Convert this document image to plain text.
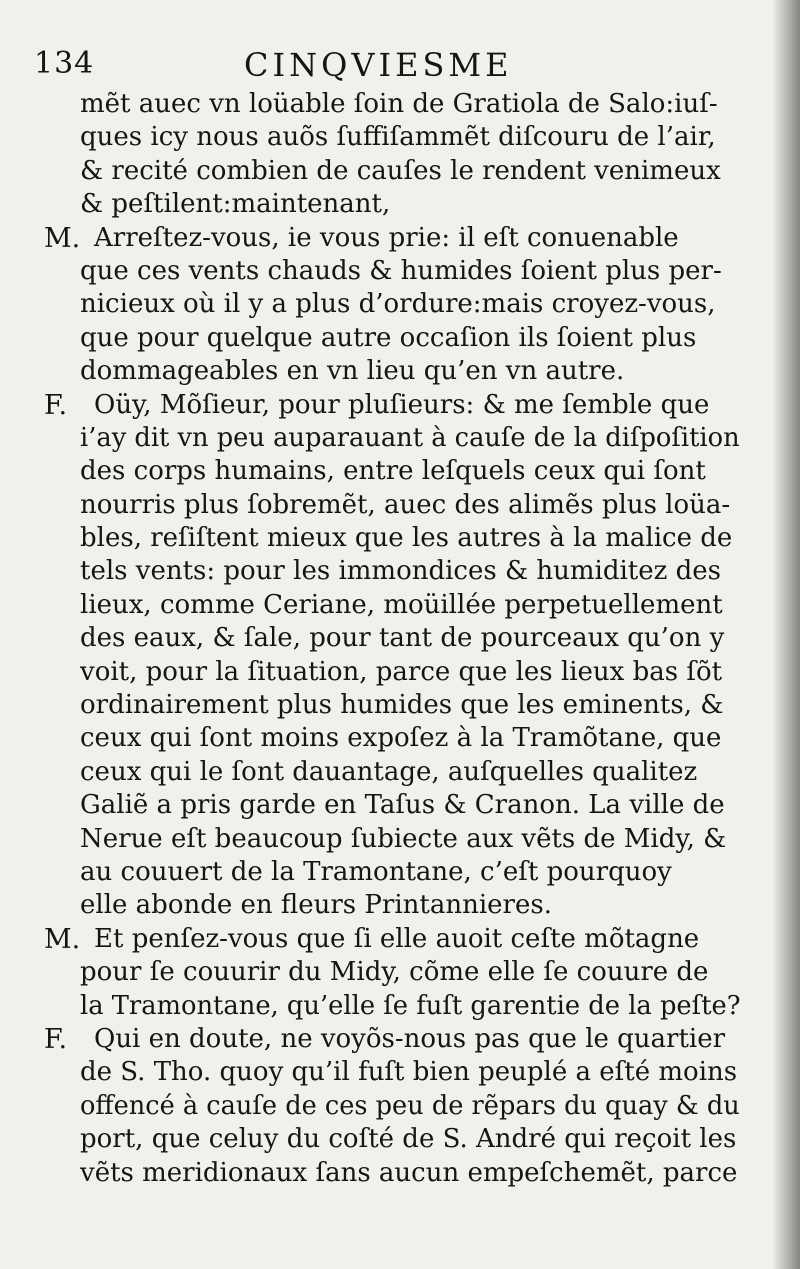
134	CINQVIESME
mẽt auec vn loüable ſoin de Gratiola de Salo:iuſ-
ques icy nous auõs ſuffiſammẽt diſcouru de l’air,
& recité combien de cauſes le rendent venimeux
& peſtilent:maintenant,
M. Arreſtez-vous, ie vous prie: il eſt conuenable
que ces vents chauds & humides ſoient plus per-
nicieux où il y a plus d’ordure:mais croyez-vous,
que pour quelque autre occaſion ils ſoient plus
dommageables en vn lieu qu’en vn autre.
F. Oüy, Mõſieur, pour pluſieurs: & me ſemble que
i’ay dit vn peu auparauant à cauſe de la diſpoſition
des corps humains, entre leſquels ceux qui ſont
nourris plus ſobremẽt, auec des alimẽs plus loüa-
bles, reſiſtent mieux que les autres à la malice de
tels vents: pour les immondices & humiditez des
lieux, comme Ceriane, moüillée perpetuellement
des eaux, & ſale, pour tant de pourceaux qu’on y
voit, pour la ſituation, parce que les lieux bas ſõt
ordinairement plus humides que les eminents, &
ceux qui ſont moins expoſez à la Tramõtane, que
ceux qui le ſont dauantage, auſquelles qualitez
Galiẽ a pris garde en Taſus & Cranon. La ville de
Nerue eſt beaucoup ſubiecte aux vẽts de Midy, &
au couuert de la Tramontane, c’eſt pourquoy
elle abonde en fleurs Printannieres.
M. Et penſez-vous que ſi elle auoit ceſte mõtagne
pour ſe couurir du Midy, cõme elle ſe couure de
la Tramontane, qu’elle ſe fuſt garentie de la peſte?
F. Qui en doute, ne voyõs-nous pas que le quartier
de S. Tho. quoy qu’il fuſt bien peuplé a eſté moins
offencé à cauſe de ces peu de rẽpars du quay & du
port, que celuy du coſté de S. André qui reçoit les
vẽts meridionaux ſans aucun empeſchemẽt, parce
